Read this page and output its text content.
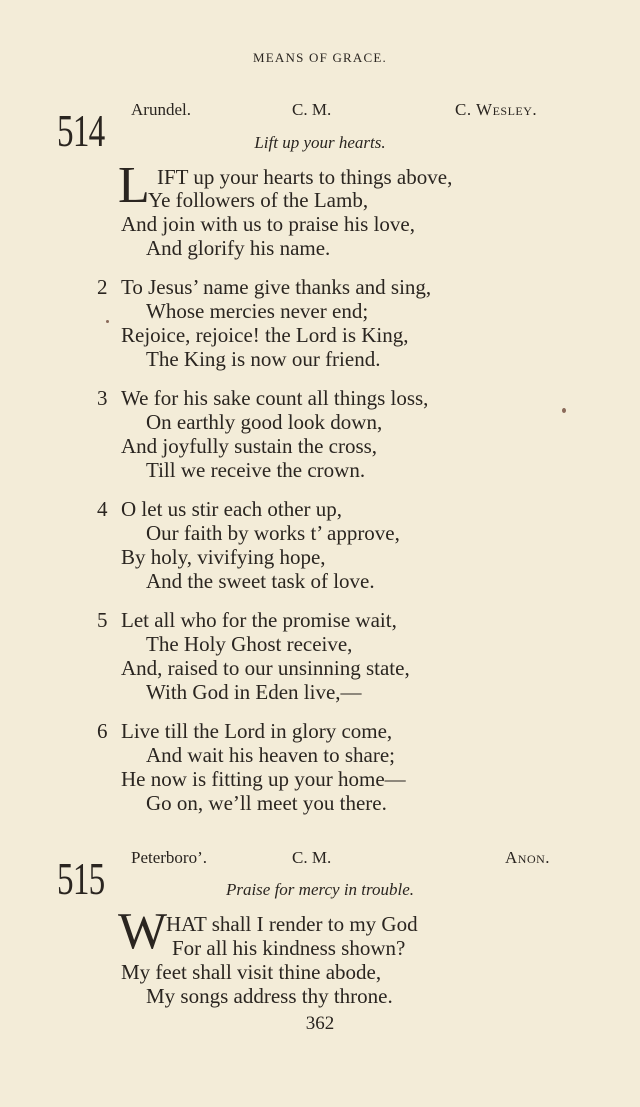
MEANS OF GRACE.
514 Arundel.	C. M.	C. Wesley.
Lift up your hearts.
L IFT up your hearts to things above,
Ye followers of the Lamb,
And join with us to praise his love,
And glorify his name.
2 To Jesus’ name give thanks and sing,
Whose mercies never end;
Rejoice, rejoice! the Lord is King,
The King is now our friend.
3 We for his sake count all things loss,
On earthly good look down,
And joyfully sustain the cross,
Till we receive the crown.
4 O let us stir each other up,
Our faith by works t’ approve,
By holy, vivifying hope,
And the sweet task of love.
5 Let all who for the promise wait,
The Holy Ghost receive,
And, raised to our unsinning state,
With God in Eden live,—
6 Live till the Lord in glory come,
And wait his heaven to share;
He now is fitting up your home—
Go on, we’ll meet you there.
515 Peterboro’.	C. M.	Anon.
Praise for mercy in trouble.
W
HAT shall I render to my God
For all his kindness shown?
My feet shall visit thine abode,
My songs address thy throne.
362
